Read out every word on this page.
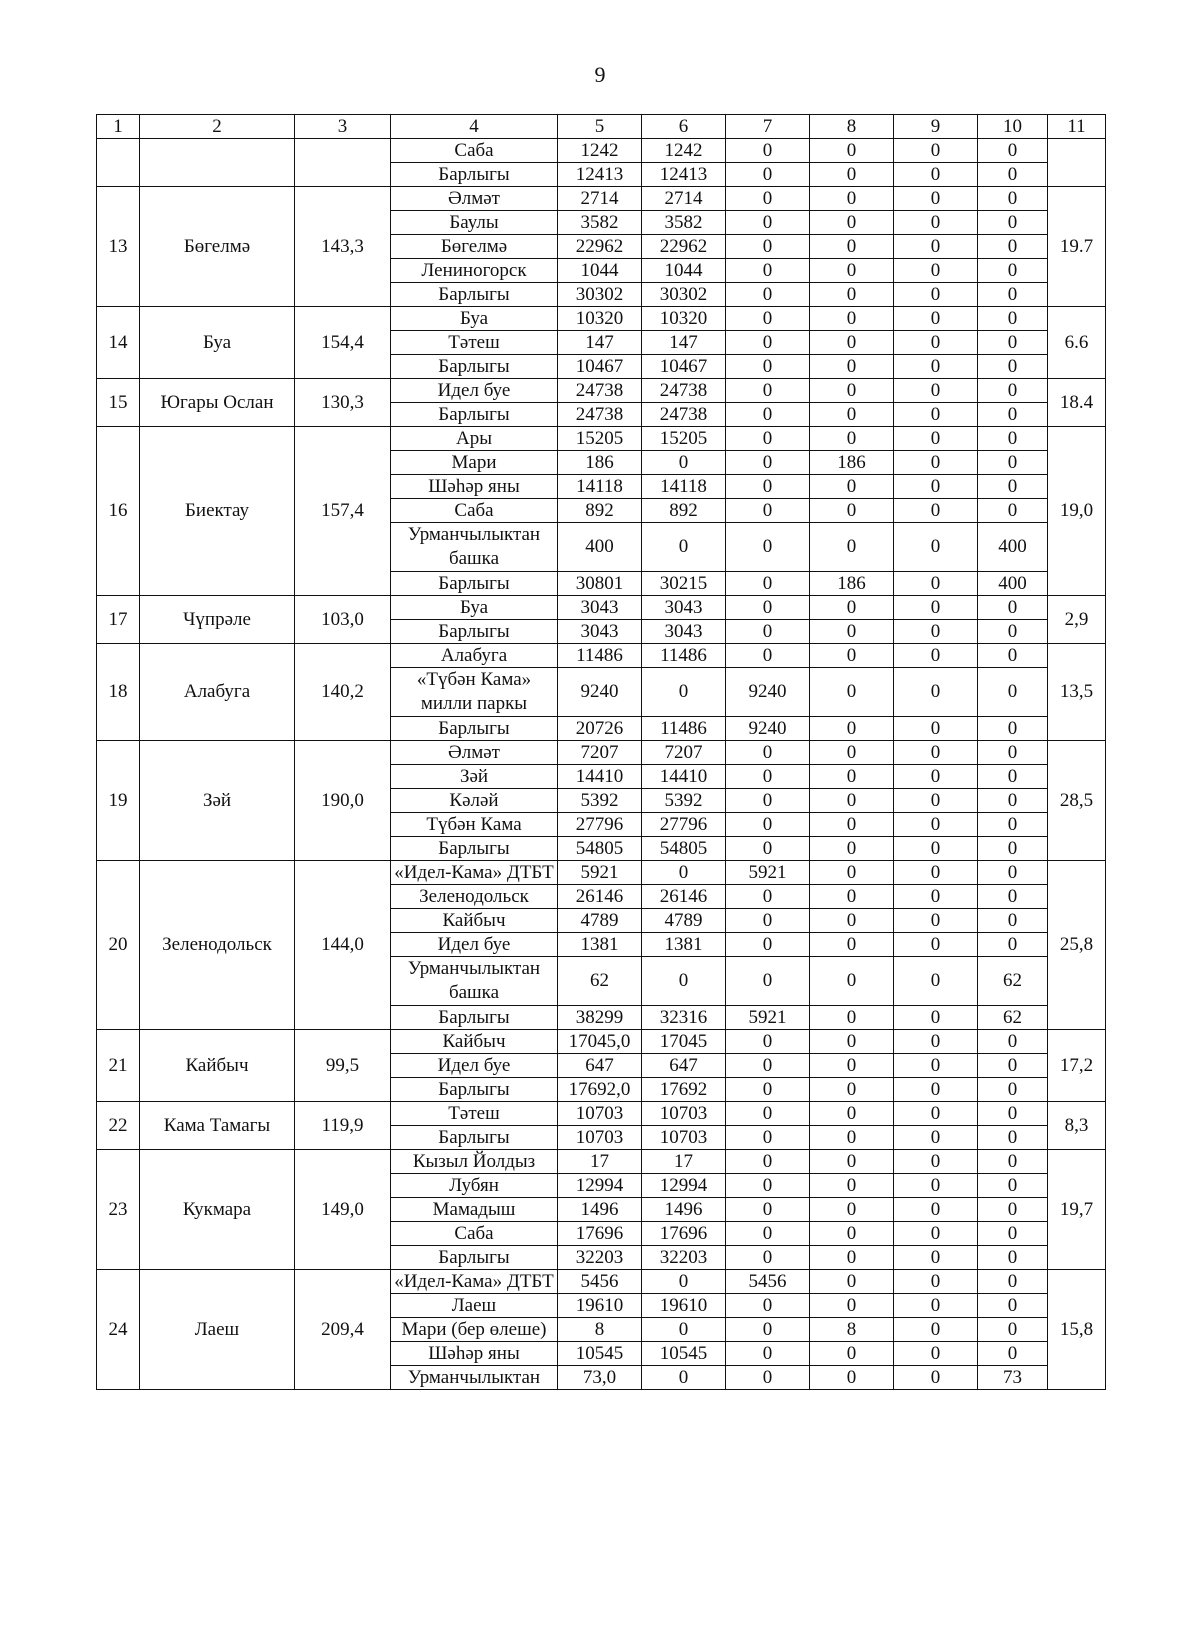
9
1	2	3	4	5	6	7	8	9	10	11
			Саба	1242	1242	0	0	0	0	
			Барлыгы	12413	12413	0	0	0	0	
13	Бөгелмә	143,3	Әлмәт	2714	2714	0	0	0	0	19.7
			Баулы	3582	3582	0	0	0	0	
			Бөгелмә	22962	22962	0	0	0	0	
			Лениногорск	1044	1044	0	0	0	0	
			Барлыгы	30302	30302	0	0	0	0	
14	Буа	154,4	Буа	10320	10320	0	0	0	0	6.6
			Тәтеш	147	147	0	0	0	0	
			Барлыгы	10467	10467	0	0	0	0	
15	Югары Ослан	130,3	Идел буе	24738	24738	0	0	0	0	18.4
			Барлыгы	24738	24738	0	0	0	0	
16	Биектау	157,4	Ары	15205	15205	0	0	0	0	19,0
			Мари	186	0	0	186	0	0	
			Шәһәр яны	14118	14118	0	0	0	0	
			Саба	892	892	0	0	0	0	
			Урманчылыктан башка	400	0	0	0	0	400	
			Барлыгы	30801	30215	0	186	0	400	
17	Чүпрәле	103,0	Буа	3043	3043	0	0	0	0	2,9
			Барлыгы	3043	3043	0	0	0	0	
18	Алабуга	140,2	Алабуга	11486	11486	0	0	0	0	13,5
			«Түбән Кама» милли паркы	9240	0	9240	0	0	0	
			Барлыгы	20726	11486	9240	0	0	0	
19	Зәй	190,0	Әлмәт	7207	7207	0	0	0	0	28,5
			Зәй	14410	14410	0	0	0	0	
			Кәләй	5392	5392	0	0	0	0	
			Түбән Кама	27796	27796	0	0	0	0	
			Барлыгы	54805	54805	0	0	0	0	
20	Зеленодольск	144,0	«Идел-Кама» ДТБТ	5921	0	5921	0	0	0	25,8
			Зеленодольск	26146	26146	0	0	0	0	
			Кайбыч	4789	4789	0	0	0	0	
			Идел буе	1381	1381	0	0	0	0	
			Урманчылыктан башка	62	0	0	0	0	62	
			Барлыгы	38299	32316	5921	0	0	62	
21	Кайбыч	99,5	Кайбыч	17045,0	17045	0	0	0	0	17,2
			Идел буе	647	647	0	0	0	0	
			Барлыгы	17692,0	17692	0	0	0	0	
22	Кама Тамагы	119,9	Тәтеш	10703	10703	0	0	0	0	8,3
			Барлыгы	10703	10703	0	0	0	0	
23	Кукмара	149,0	Кызыл Йолдыз	17	17	0	0	0	0	19,7
			Лубян	12994	12994	0	0	0	0	
			Мамадыш	1496	1496	0	0	0	0	
			Саба	17696	17696	0	0	0	0	
			Барлыгы	32203	32203	0	0	0	0	
24	Лаеш	209,4	«Идел-Кама» ДТБТ	5456	0	5456	0	0	0	15,8
			Лаеш	19610	19610	0	0	0	0	
			Мари (бер өлеше)	8	0	0	8	0	0	
			Шәһәр яны	10545	10545	0	0	0	0	
			Урманчылыктан	73,0	0	0	0	0	73	
